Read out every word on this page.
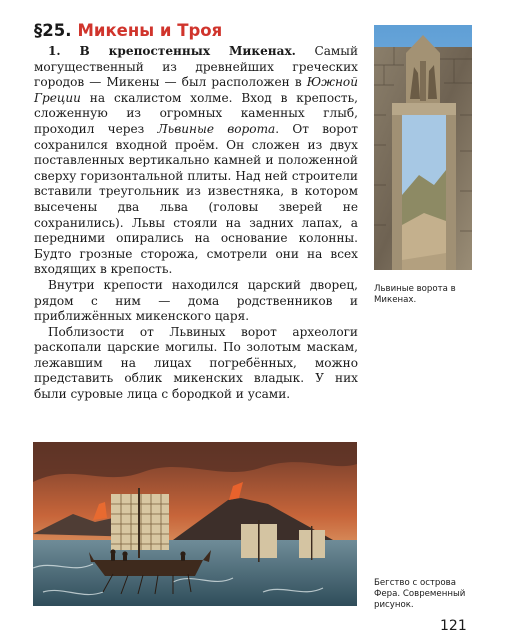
§25. Микены и Троя

1. В крепостенных Микенах. Самый могущественный из древнейших греческих городов — Микены — был расположен в Южной Греции на скалистом холме. Вход в крепость, сложенную из огромных каменных глыб, проходил через Львиные ворота. От ворот сохранился входной проём. Он сложен из двух поставленных вертикально камней и положенной сверху горизонтальной плиты. Над ней строители вставили треугольник из известняка, в котором высечены два льва (головы зверей не сохранились). Львы стояли на задних лапах, а передними опирались на основание колонны. Будто грозные сторожа, смотрели они на всех входящих в крепость.

Внутри крепости находился царский дворец, рядом с ним — дома родственников и приближённых микенского царя.

Поблизости от Львиных ворот археологи раскопали царские могилы. По золотым маскам, лежавшим на лицах погребённых, можно представить облик микенских владык. У них были суровые лица с бородкой и усами.

Львиные ворота в Микенах.
Бегство с острова Фера. Современный рисунок.
121
